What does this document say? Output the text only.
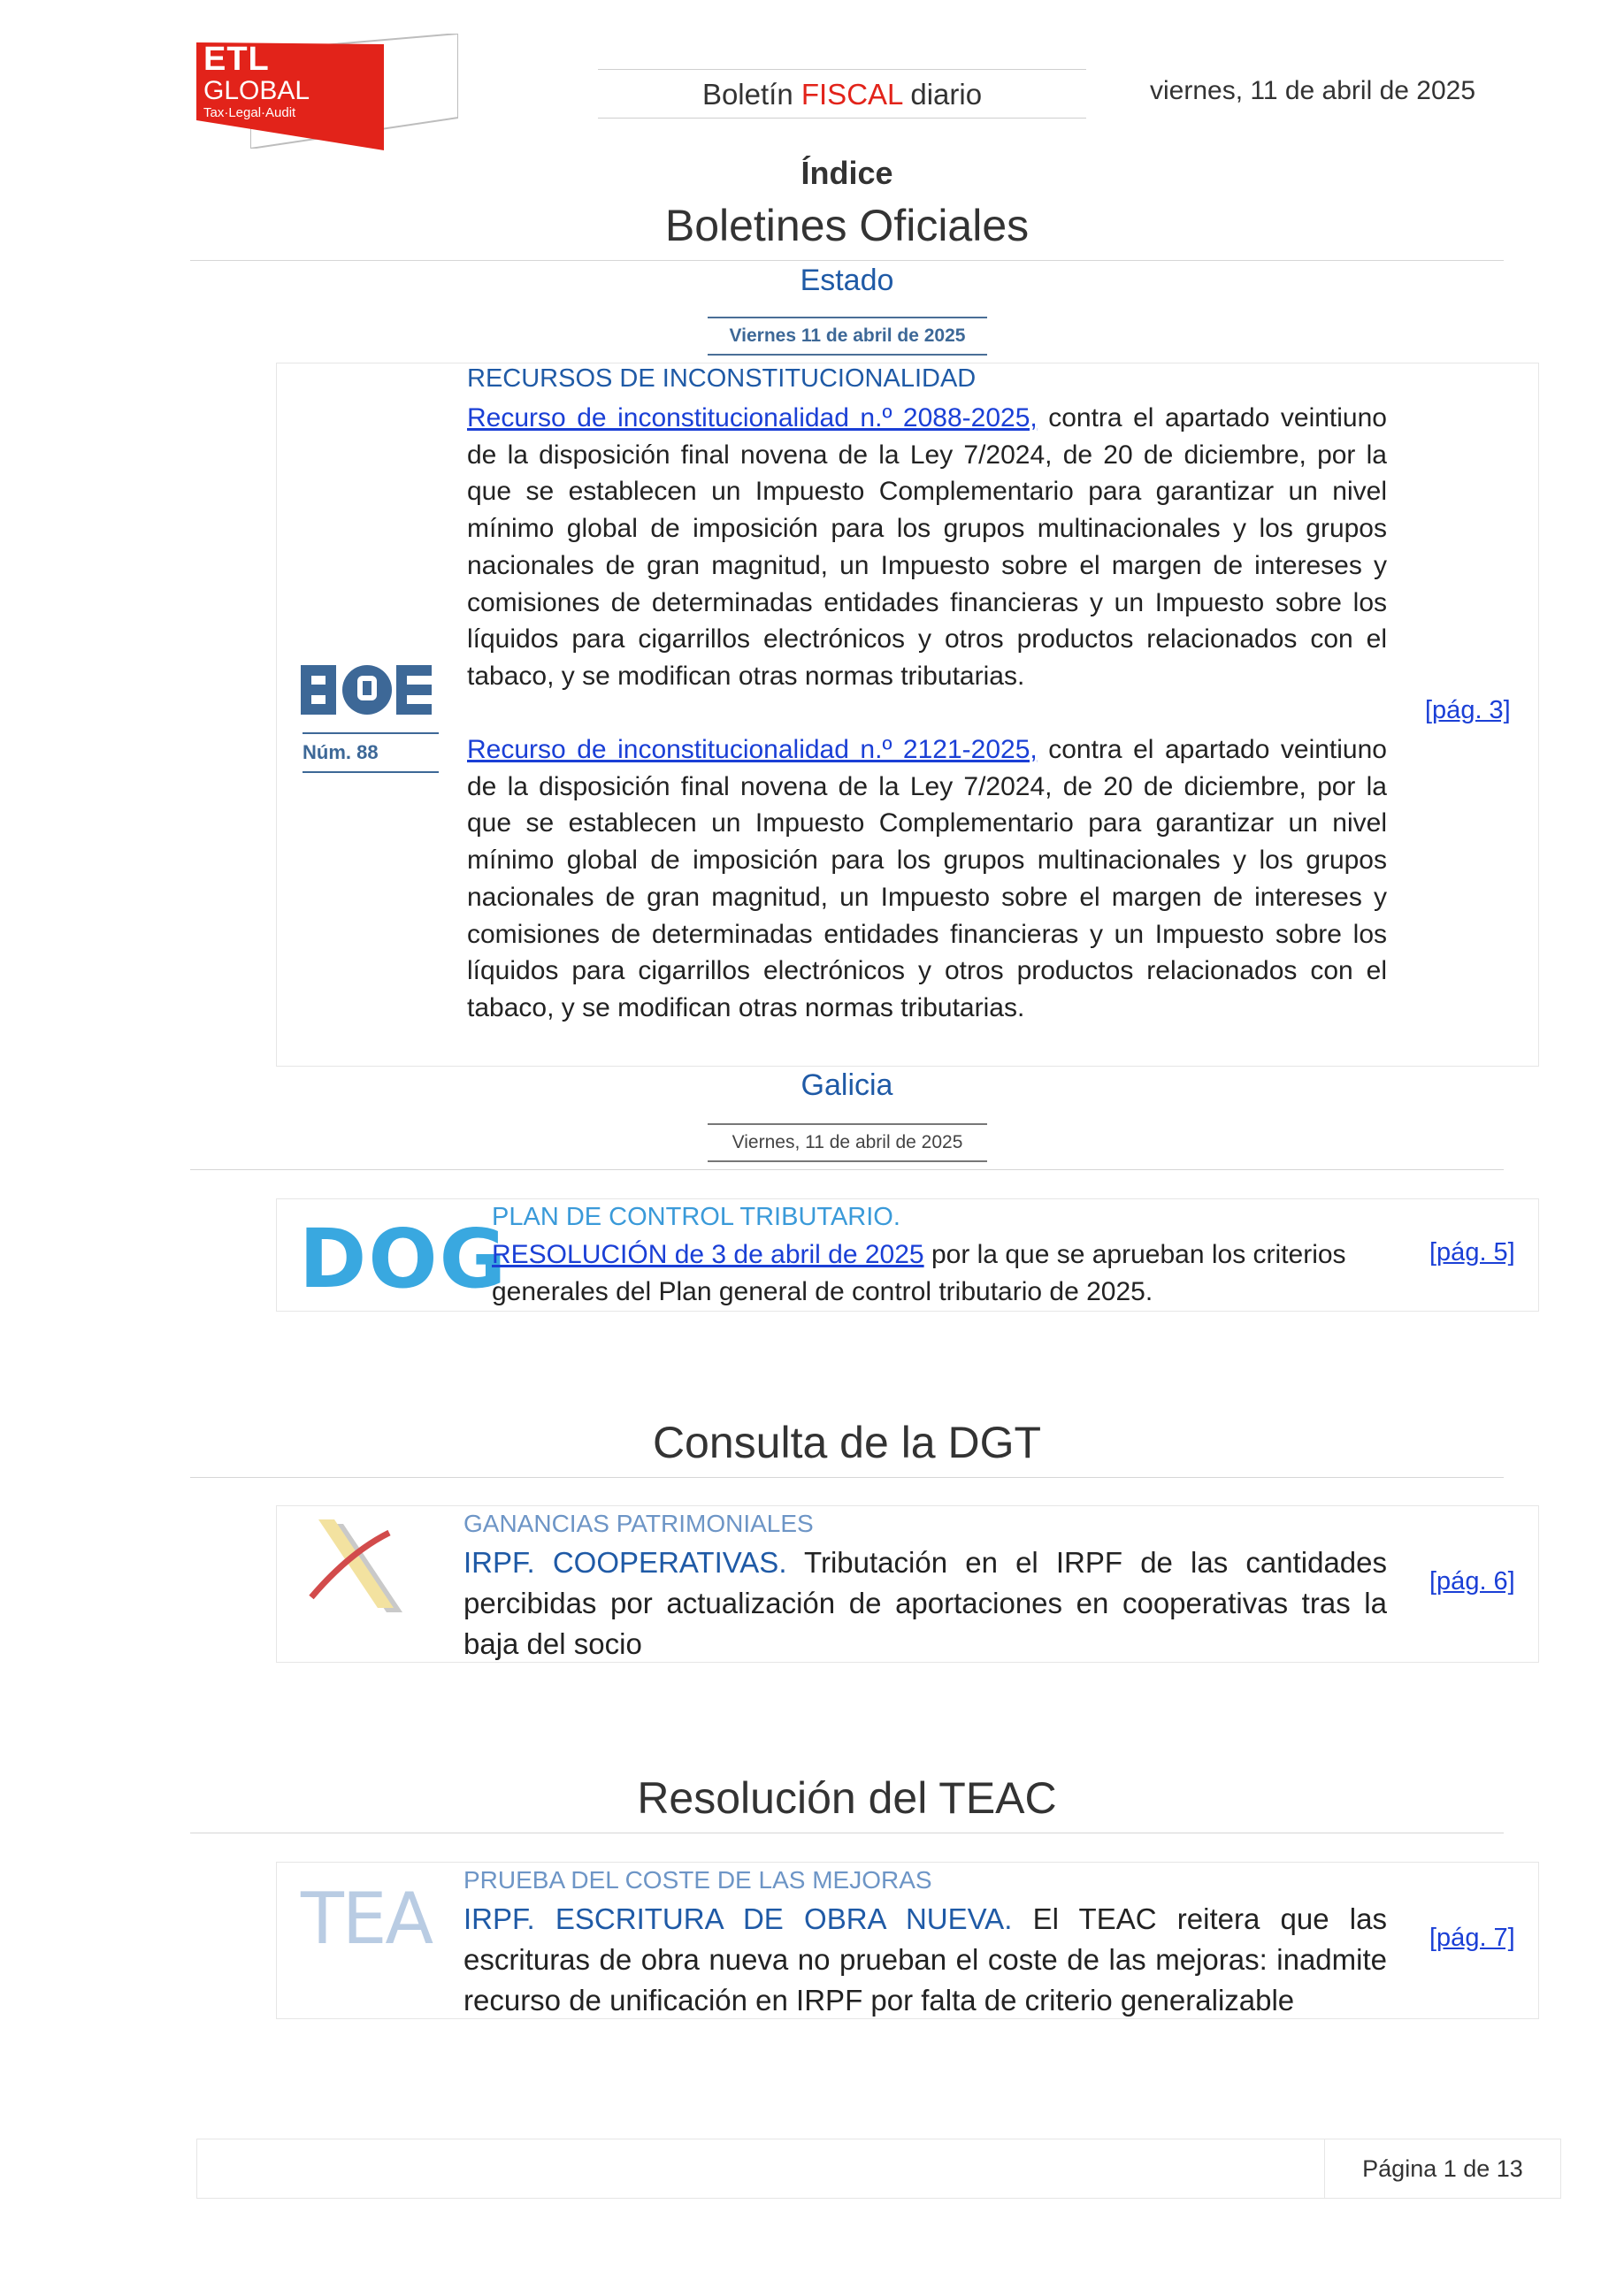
ETL
GLOBAL
Tax·Legal·Audit
Boletín FISCAL diario	viernes, 11 de abril de 2025
Índice
Boletines Oficiales
Estado
Viernes 11 de abril de 2025
Núm. 88
RECURSOS DE INCONSTITUCIONALIDAD
Recurso de inconstitucionalidad n.º 2088-2025, contra el apartado veintiuno de la disposición final novena de la Ley 7/2024, de 20 de diciembre, por la que se establecen un Impuesto Complementario para garantizar un nivel mínimo global de imposición para los grupos multinacionales y los grupos nacionales de gran magnitud, un Impuesto sobre el margen de intereses y comisiones de determinadas entidades financieras y un Impuesto sobre los líquidos para cigarrillos electrónicos y otros productos relacionados con el tabaco, y se modifican otras normas tributarias.
Recurso de inconstitucionalidad n.º 2121-2025, contra el apartado veintiuno de la disposición final novena de la Ley 7/2024, de 20 de diciembre, por la que se establecen un Impuesto Complementario para garantizar un nivel mínimo global de imposición para los grupos multinacionales y los grupos nacionales de gran magnitud, un Impuesto sobre el margen de intereses y comisiones de determinadas entidades financieras y un Impuesto sobre los líquidos para cigarrillos electrónicos y otros productos relacionados con el tabaco, y se modifican otras normas tributarias.
[pág. 3]
Galicia
Viernes, 11 de abril de 2025
DOG
PLAN DE CONTROL TRIBUTARIO.
RESOLUCIÓN de 3 de abril de 2025 por la que se aprueban los criterios generales del Plan general de control tributario de 2025.
[pág. 5]
Consulta de la DGT
GANANCIAS PATRIMONIALES
IRPF. COOPERATIVAS. Tributación en el IRPF de las cantidades percibidas por actualización de aportaciones en cooperativas tras la baja del socio
[pág. 6]
Resolución del TEAC
TEA PRUEBA DEL COSTE DE LAS MEJORAS
IRPF. ESCRITURA DE OBRA NUEVA. El TEAC reitera que las escrituras de obra nueva no prueban el coste de las mejoras: inadmite recurso de unificación en IRPF por falta de criterio generalizable
[pág. 7]
Página 1 de 13
